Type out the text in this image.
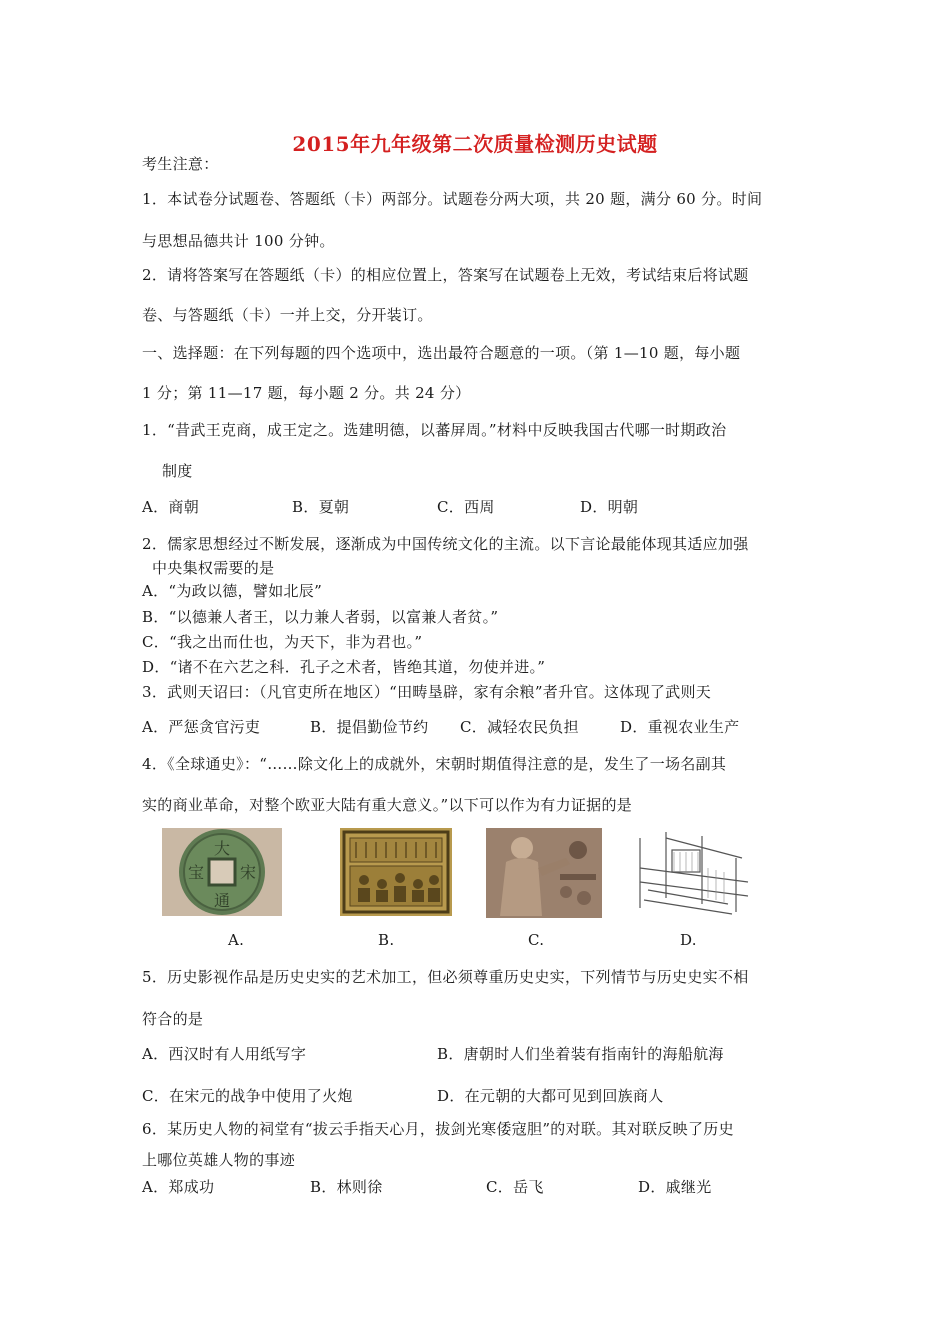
2015年九年级第二次质量检测历史试题
考生注意：
1．本试卷分试题卷、答题纸（卡）两部分。试题卷分两大项，共 20 题，满分 60 分。时间
与思想品德共计 100 分钟。
2．请将答案写在答题纸（卡）的相应位置上，答案写在试题卷上无效，考试结束后将试题
卷、与答题纸（卡）一并上交，分开装订。
一、选择题：在下列每题的四个选项中，选出最符合题意的一项。（第 1—10 题，每小题
1 分；第 11—17 题，每小题 2 分。共 24 分）
1．“昔武王克商，成王定之。选建明德，以蕃屏周。”材料中反映我国古代哪一时期政治
制度
A．商朝	B．夏朝	C．西周	D．明朝
2．儒家思想经过不断发展，逐渐成为中国传统文化的主流。以下言论最能体现其适应加强
中央集权需要的是
A．“为政以德，譬如北辰”
B．“以德兼人者王，以力兼人者弱，以富兼人者贫。”
C．“我之出而仕也，为天下，非为君也。”
D．“诸不在六艺之科．孔子之术者，皆绝其道，勿使并进。”
3．武则天诏曰：（凡官吏所在地区）“田畴垦辟，家有余粮”者升官。这体现了武则天
A．严惩贪官污吏	B．提倡勤俭节约 C．减轻农民负担	D．重视农业生产
4．《全球通史》：“……除文化上的成就外，宋朝时期值得注意的是，发生了一场名副其
实的商业革命，对整个欧亚大陆有重大意义。”以下可以作为有力证据的是
大
宋
通
宝
A.	B.	C.	D.
5．历史影视作品是历史史实的艺术加工，但必须尊重历史史实，下列情节与历史史实不相
符合的是
A．西汉时有人用纸写字	B．唐朝时人们坐着装有指南针的海船航海
C．在宋元的战争中使用了火炮	D．在元朝的大都可见到回族商人
6．某历史人物的祠堂有“拔云手指天心月，拔剑光寒倭寇胆”的对联。其对联反映了历史
上哪位英雄人物的事迹
A．郑成功	B．林则徐	C．岳飞	D．戚继光
